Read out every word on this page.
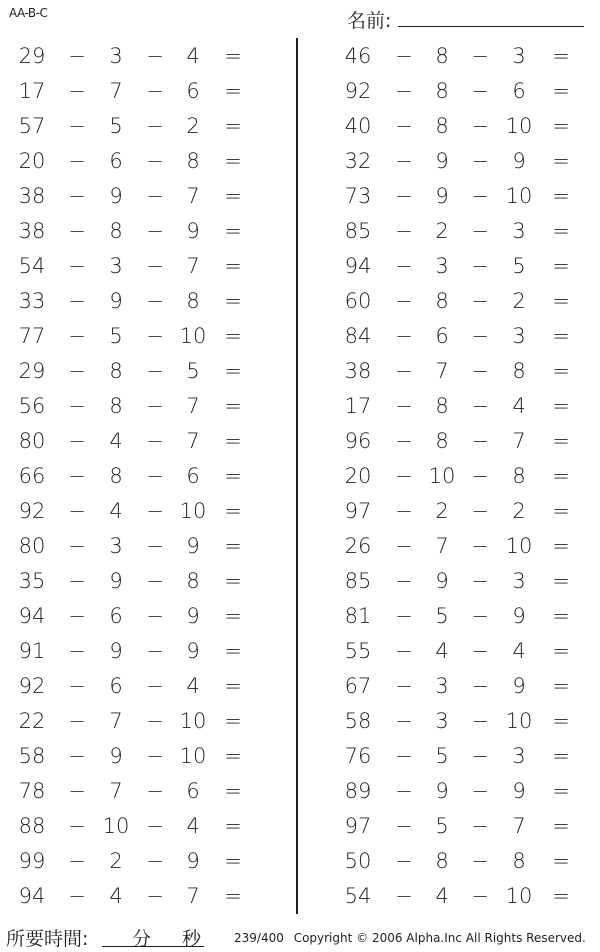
AA-B-C	名前:
29 − 3 − 4 =
17 − 7 − 6 =
57 − 5 − 2 =
20 − 6 − 8 =
38 − 9 − 7 =
38 − 8 − 9 =
54 − 3 − 7 =
33 − 9 − 8 =
77 − 5 − 10 =
29 − 8 − 5 =
56 − 8 − 7 =
80 − 4 − 7 =
66 − 8 − 6 =
92 − 4 − 10 =
80 − 3 − 9 =
35 − 9 − 8 =
94 − 6 − 9 =
91 − 9 − 9 =
92 − 6 − 4 =
22 − 7 − 10 =
58 − 9 − 10 =
78 − 7 − 6 =
88 − 10 − 4 =
99 − 2 − 9 =
94 − 4 − 7 =
46 − 8 − 3 =
92 − 8 − 6 =
40 − 8 − 10 =
32 − 9 − 9 =
73 − 9 − 10 =
85 − 2 − 3 =
94 − 3 − 5 =
60 − 8 − 2 =
84 − 6 − 3 =
38 − 7 − 8 =
17 − 8 − 4 =
96 − 8 − 7 =
20 − 10 − 8 =
97 − 2 − 2 =
26 − 7 − 10 =
85 − 9 − 3 =
81 − 5 − 9 =
55 − 4 − 4 =
67 − 3 − 9 =
58 − 3 − 10 =
76 − 5 − 3 =
89 − 9 − 9 =
97 − 5 − 7 =
50 − 8 − 8 =
54 − 4 − 10 =
所要時間: 分 秒	239/400 Copyright © 2006 Alpha.Inc All Rights Reserved.
